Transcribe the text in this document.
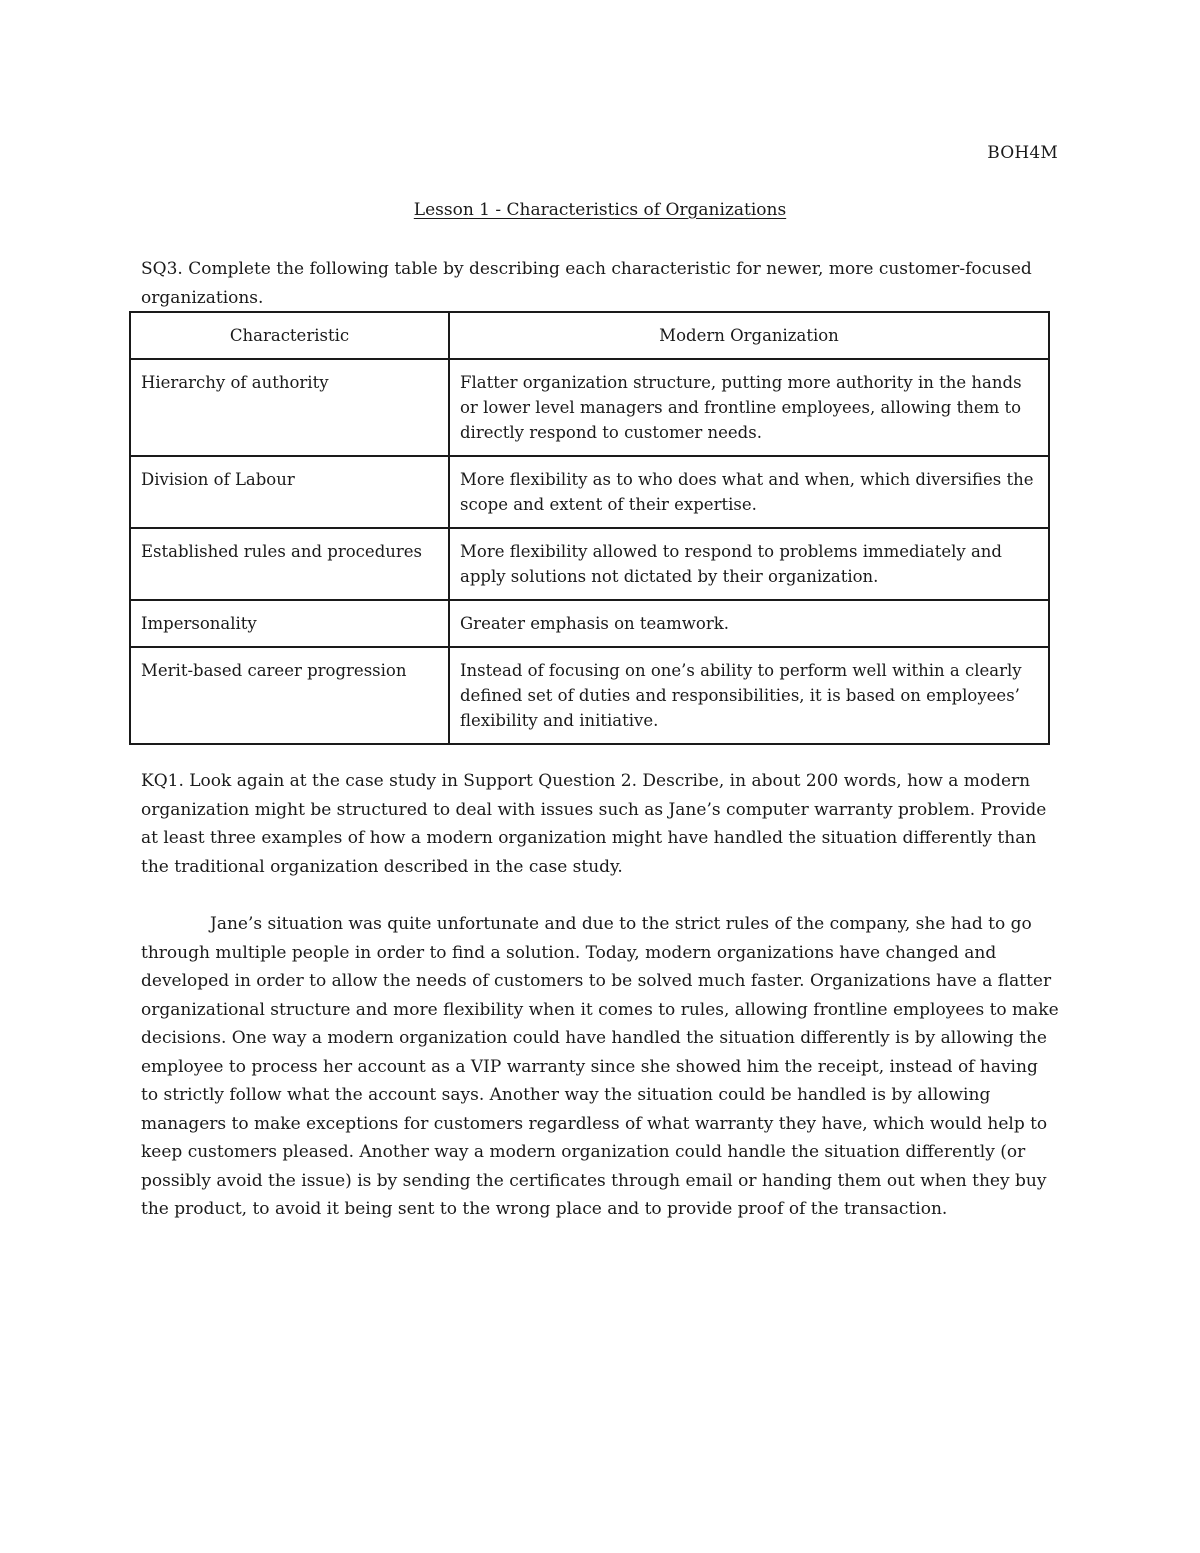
BOH4M
Lesson 1 - Characteristics of Organizations

SQ3. Complete the following table by describing each characteristic for newer, more customer-focused organizations.

Characteristic	Modern Organization
Hierarchy of authority	Flatter organization structure, putting more authority in the hands or lower level managers and frontline employees, allowing them to directly respond to customer needs.
Division of Labour	More flexibility as to who does what and when, which diversifies the scope and extent of their expertise.
Established rules and procedures	More flexibility allowed to respond to problems immediately and apply solutions not dictated by their organization.
Impersonality	Greater emphasis on teamwork.
Merit-based career progression	Instead of focusing on one’s ability to perform well within a clearly defined set of duties and responsibilities, it is based on employees’ flexibility and initiative.

KQ1. Look again at the case study in Support Question 2. Describe, in about 200 words, how a modern organization might be structured to deal with issues such as Jane’s computer warranty problem. Provide at least three examples of how a modern organization might have handled the situation differently than the traditional organization described in the case study.

Jane’s situation was quite unfortunate and due to the strict rules of the company, she had to go through multiple people in order to find a solution. Today, modern organizations have changed and developed in order to allow the needs of customers to be solved much faster. Organizations have a flatter organizational structure and more flexibility when it comes to rules, allowing frontline employees to make decisions. One way a modern organization could have handled the situation differently is by allowing the employee to process her account as a VIP warranty since she showed him the receipt, instead of having to strictly follow what the account says. Another way the situation could be handled is by allowing managers to make exceptions for customers regardless of what warranty they have, which would help to keep customers pleased. Another way a modern organization could handle the situation differently (or possibly avoid the issue) is by sending the certificates through email or handing them out when they buy the product, to avoid it being sent to the wrong place and to provide proof of the transaction.
